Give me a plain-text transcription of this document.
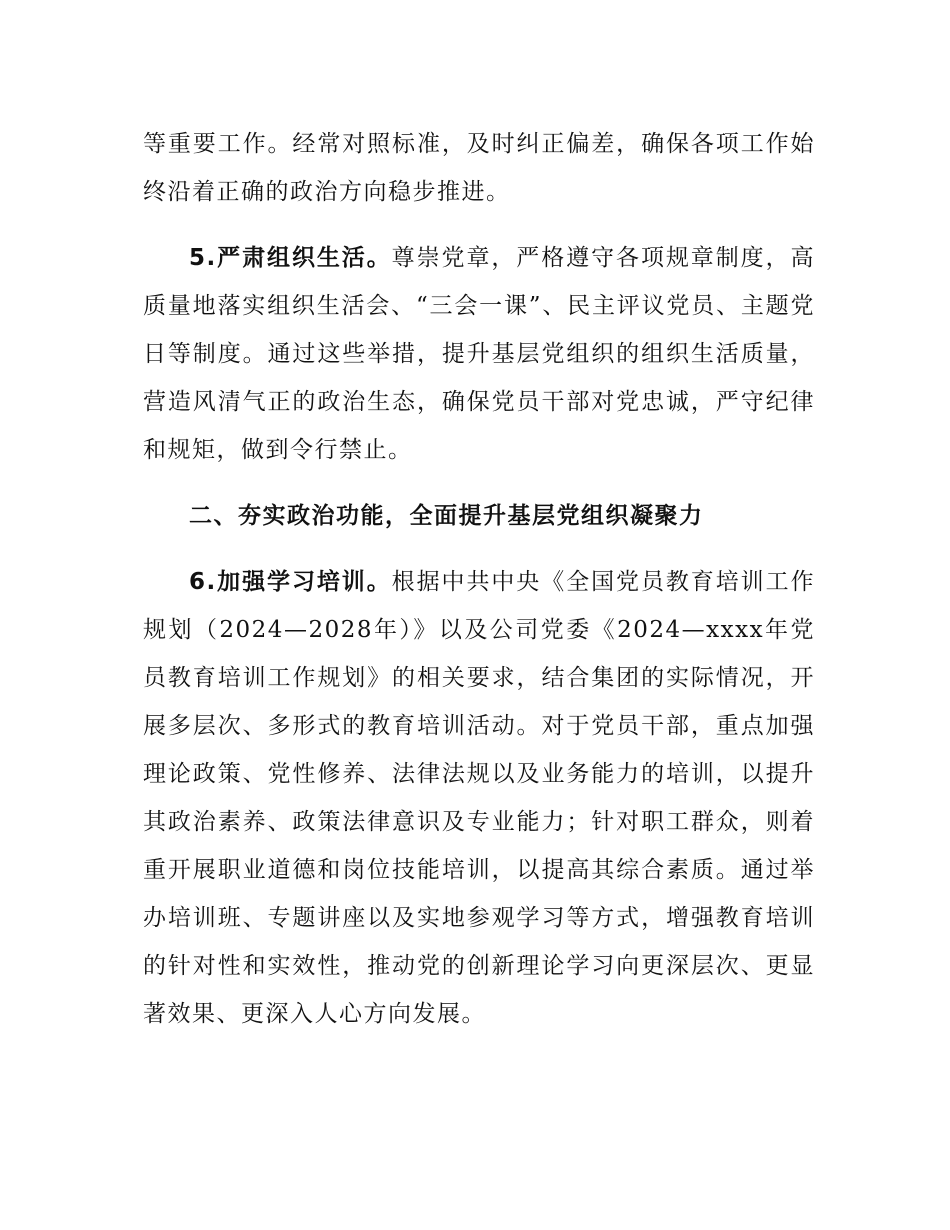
等重要工作。经常对照标准，及时纠正偏差，确保各项工作始终沿着正确的政治方向稳步推进。

5.严肃组织生活。尊崇党章，严格遵守各项规章制度，高质量地落实组织生活会、“三会一课”、民主评议党员、主题党日等制度。通过这些举措，提升基层党组织的组织生活质量，营造风清气正的政治生态，确保党员干部对党忠诚，严守纪律和规矩，做到令行禁止。

二、夯实政治功能，全面提升基层党组织凝聚力

6.加强学习培训。根据中共中央《全国党员教育培训工作规划（2024—2028年）》以及公司党委《2024—xxxx年党员教育培训工作规划》的相关要求，结合集团的实际情况，开展多层次、多形式的教育培训活动。对于党员干部，重点加强理论政策、党性修养、法律法规以及业务能力的培训，以提升其政治素养、政策法律意识及专业能力；针对职工群众，则着重开展职业道德和岗位技能培训，以提高其综合素质。通过举办培训班、专题讲座以及实地参观学习等方式，增强教育培训的针对性和实效性，推动党的创新理论学习向更深层次、更显著效果、更深入人心方向发展。
